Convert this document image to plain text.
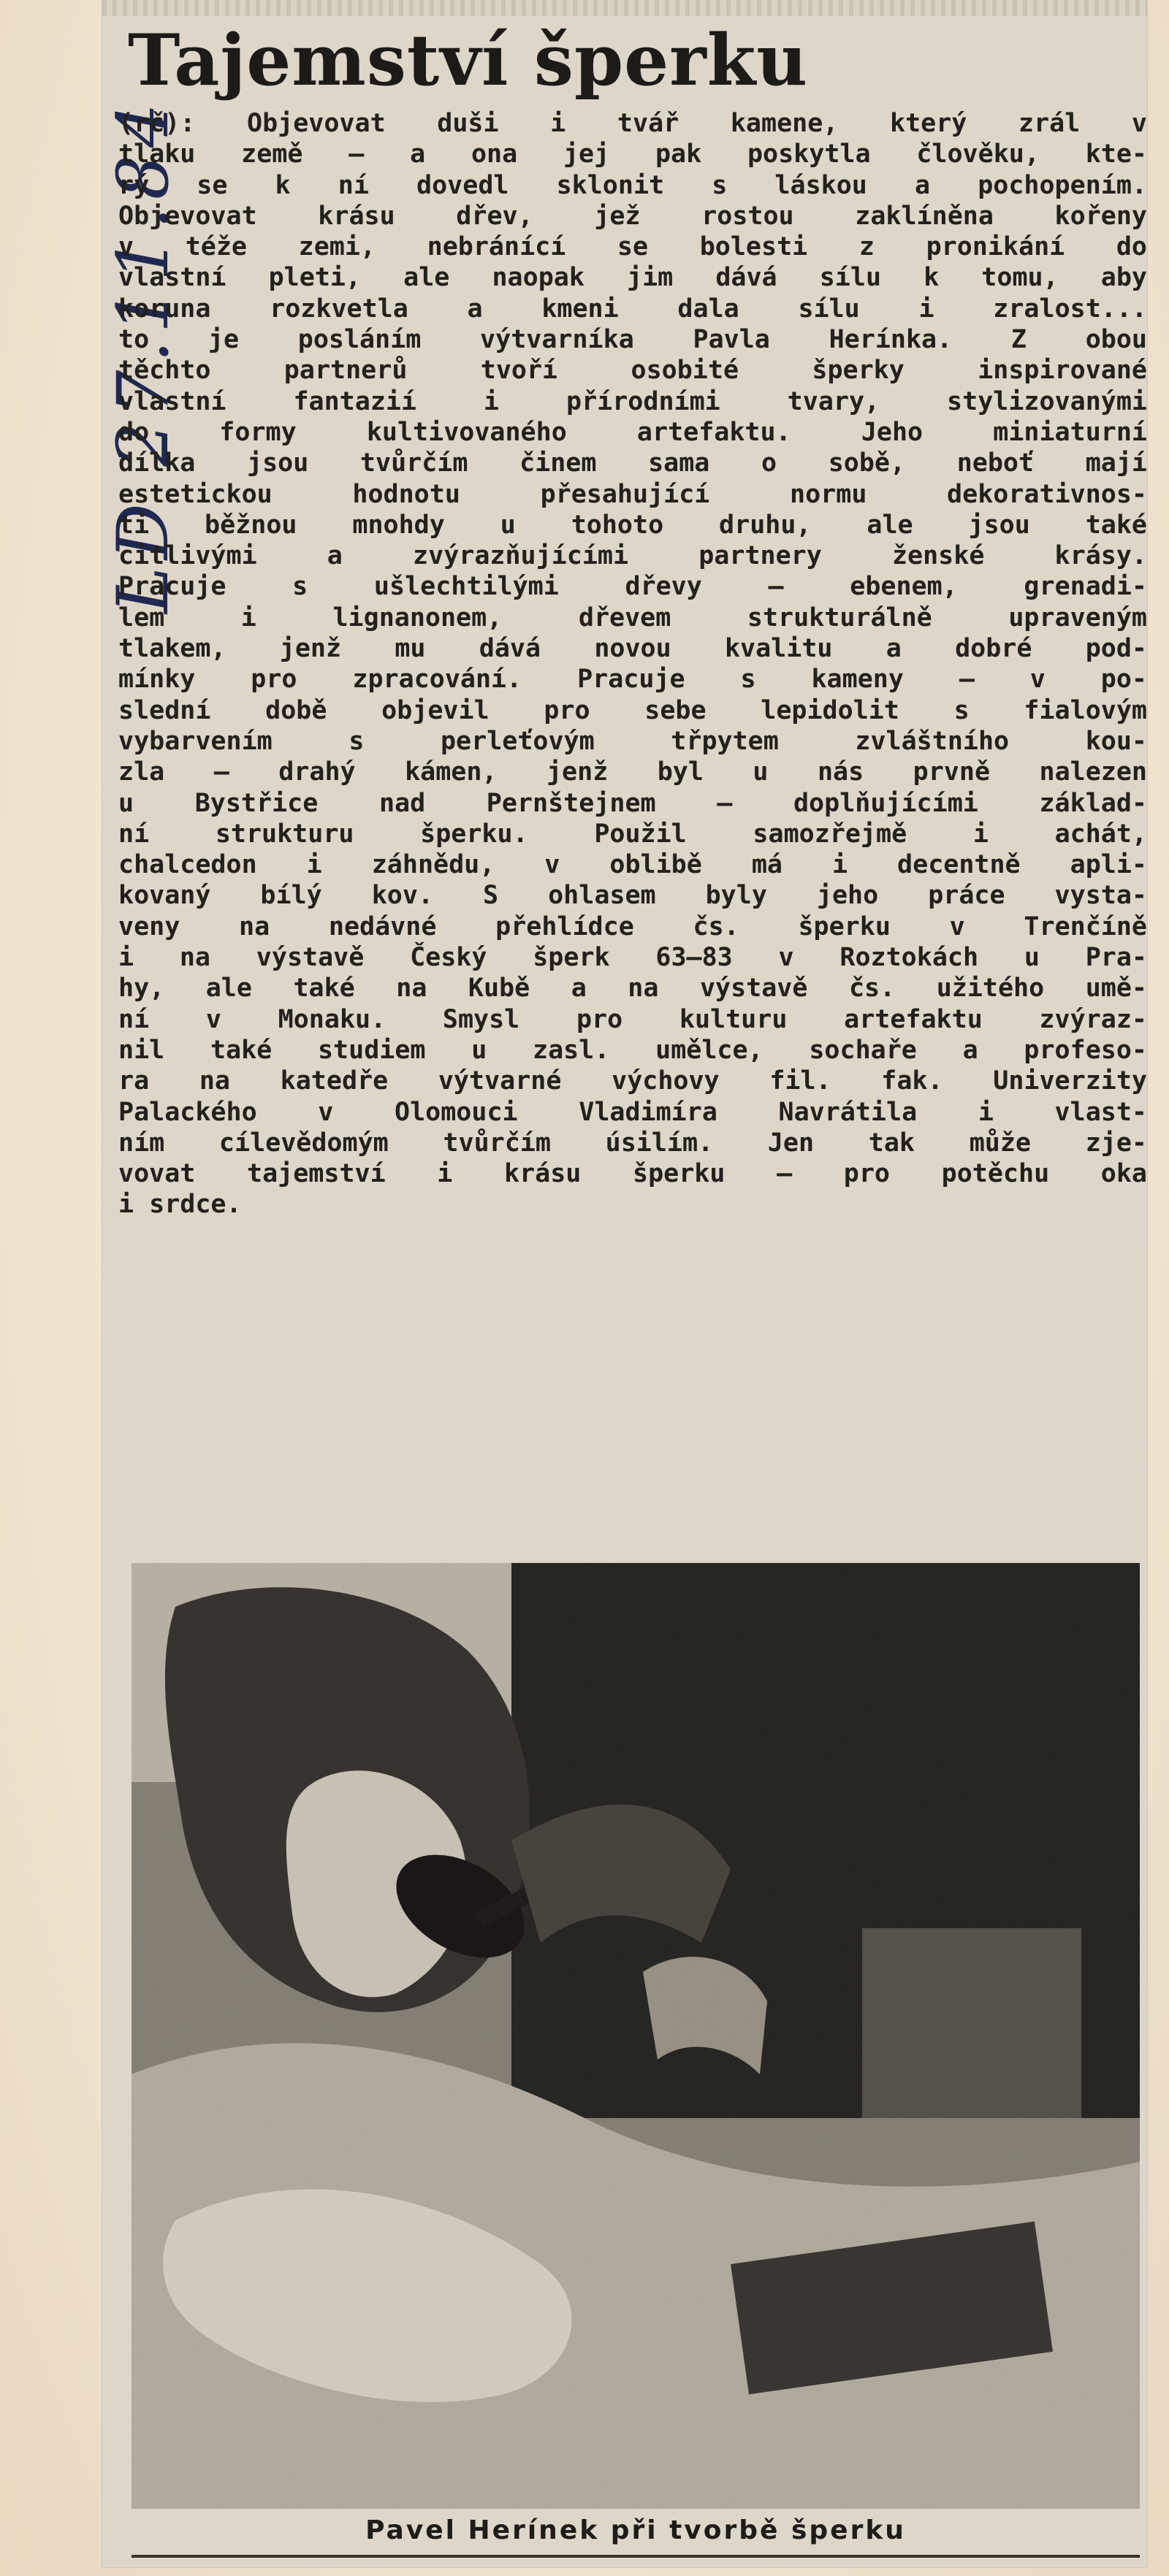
LD 27.11.84
Tajemství šperku
(rč): Objevovat duši i tvář kamene, který zrál v
tlaku země — a ona jej pak poskytla člověku, kte-
rý se k ní dovedl sklonit s láskou a pochopením.
Objevovat krásu dřev, jež rostou zaklíněna kořeny
v téže zemi, nebránící se bolesti z pronikání do
vlastní pleti, ale naopak jim dává sílu k tomu, aby
koruna rozkvetla a kmeni dala sílu i zralost...
to je posláním výtvarníka Pavla Herínka. Z obou
těchto partnerů tvoří osobité šperky inspirované
vlastní fantazií i přírodními tvary, stylizovanými
do formy kultivovaného artefaktu. Jeho miniaturní
dílka jsou tvůrčím činem sama o sobě, neboť mají
estetickou hodnotu přesahující normu dekorativnos-
ti běžnou mnohdy u tohoto druhu, ale jsou také
citlivými a zvýrazňujícími partnery ženské krásy.
Pracuje s ušlechtilými dřevy — ebenem, grenadi-
lem i lignanonem, dřevem strukturálně upraveným
tlakem, jenž mu dává novou kvalitu a dobré pod-
mínky pro zpracování. Pracuje s kameny — v po-
slední době objevil pro sebe lepidolit s fialovým
vybarvením s perleťovým třpytem zvláštního kou-
zla — drahý kámen, jenž byl u nás prvně nalezen
u Bystřice nad Pernštejnem — doplňujícími základ-
ní strukturu šperku. Použil samozřejmě i achát,
chalcedon i záhnědu, v oblibě má i decentně apli-
kovaný bílý kov. S ohlasem byly jeho práce vysta-
veny na nedávné přehlídce čs. šperku v Trenčíně
i na výstavě Český šperk 63—83 v Roztokách u Pra-
hy, ale také na Kubě a na výstavě čs. užitého umě-
ní v Monaku. Smysl pro kulturu artefaktu zvýraz-
nil také studiem u zasl. umělce, sochaře a profeso-
ra na katedře výtvarné výchovy fil. fak. Univerzity
Palackého v Olomouci Vladimíra Navrátila i vlast-
ním cílevědomým tvůrčím úsilím. Jen tak může zje-
vovat tajemství i krásu šperku — pro potěchu oka
i srdce.

Pavel Herínek při tvorbě šperku
